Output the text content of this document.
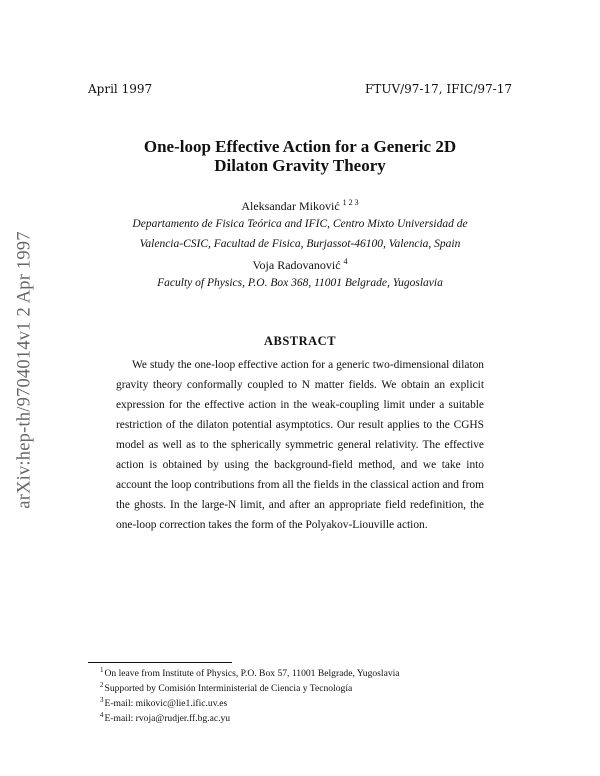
April 1997	FTUV/97-17, IFIC/97-17
arXiv:hep-th/9704014v1 2 Apr 1997
One-loop Effective Action for a Generic 2D
Dilaton Gravity Theory
Aleksandar Miković $^{1 2 3}$
Departamento de Fisica Teórica and IFIC, Centro Mixto Universidad de
Valencia-CSIC, Facultad de Fisica, Burjassot-46100, Valencia, Spain
Voja Radovanović $^4$
Faculty of Physics, P.O. Box 368, 11001 Belgrade, Yugoslavia
ABSTRACT
We study the one-loop effective action for a generic two-dimensional dilaton gravity theory conformally coupled to N matter fields. We obtain an explicit expression for the effective action in the weak-coupling limit under a suitable restriction of the dilaton potential asymptotics. Our result applies to the CGHS model as well as to the spherically symmetric general relativity. The effective action is obtained by using the background-field method, and we take into account the loop contributions from all the fields in the classical action and from the ghosts. In the large-N limit, and after an appropriate field redefinition, the one-loop correction takes the form of the Polyakov-Liouville action.
$^1$On leave from Institute of Physics, P.O. Box 57, 11001 Belgrade, Yugoslavia
$^2$Supported by Comisión Interministerial de Ciencia y Tecnología
$^3$E-mail: mikovic@lie1.ific.uv.es
$^4$E-mail: rvoja@rudjer.ff.bg.ac.yu
